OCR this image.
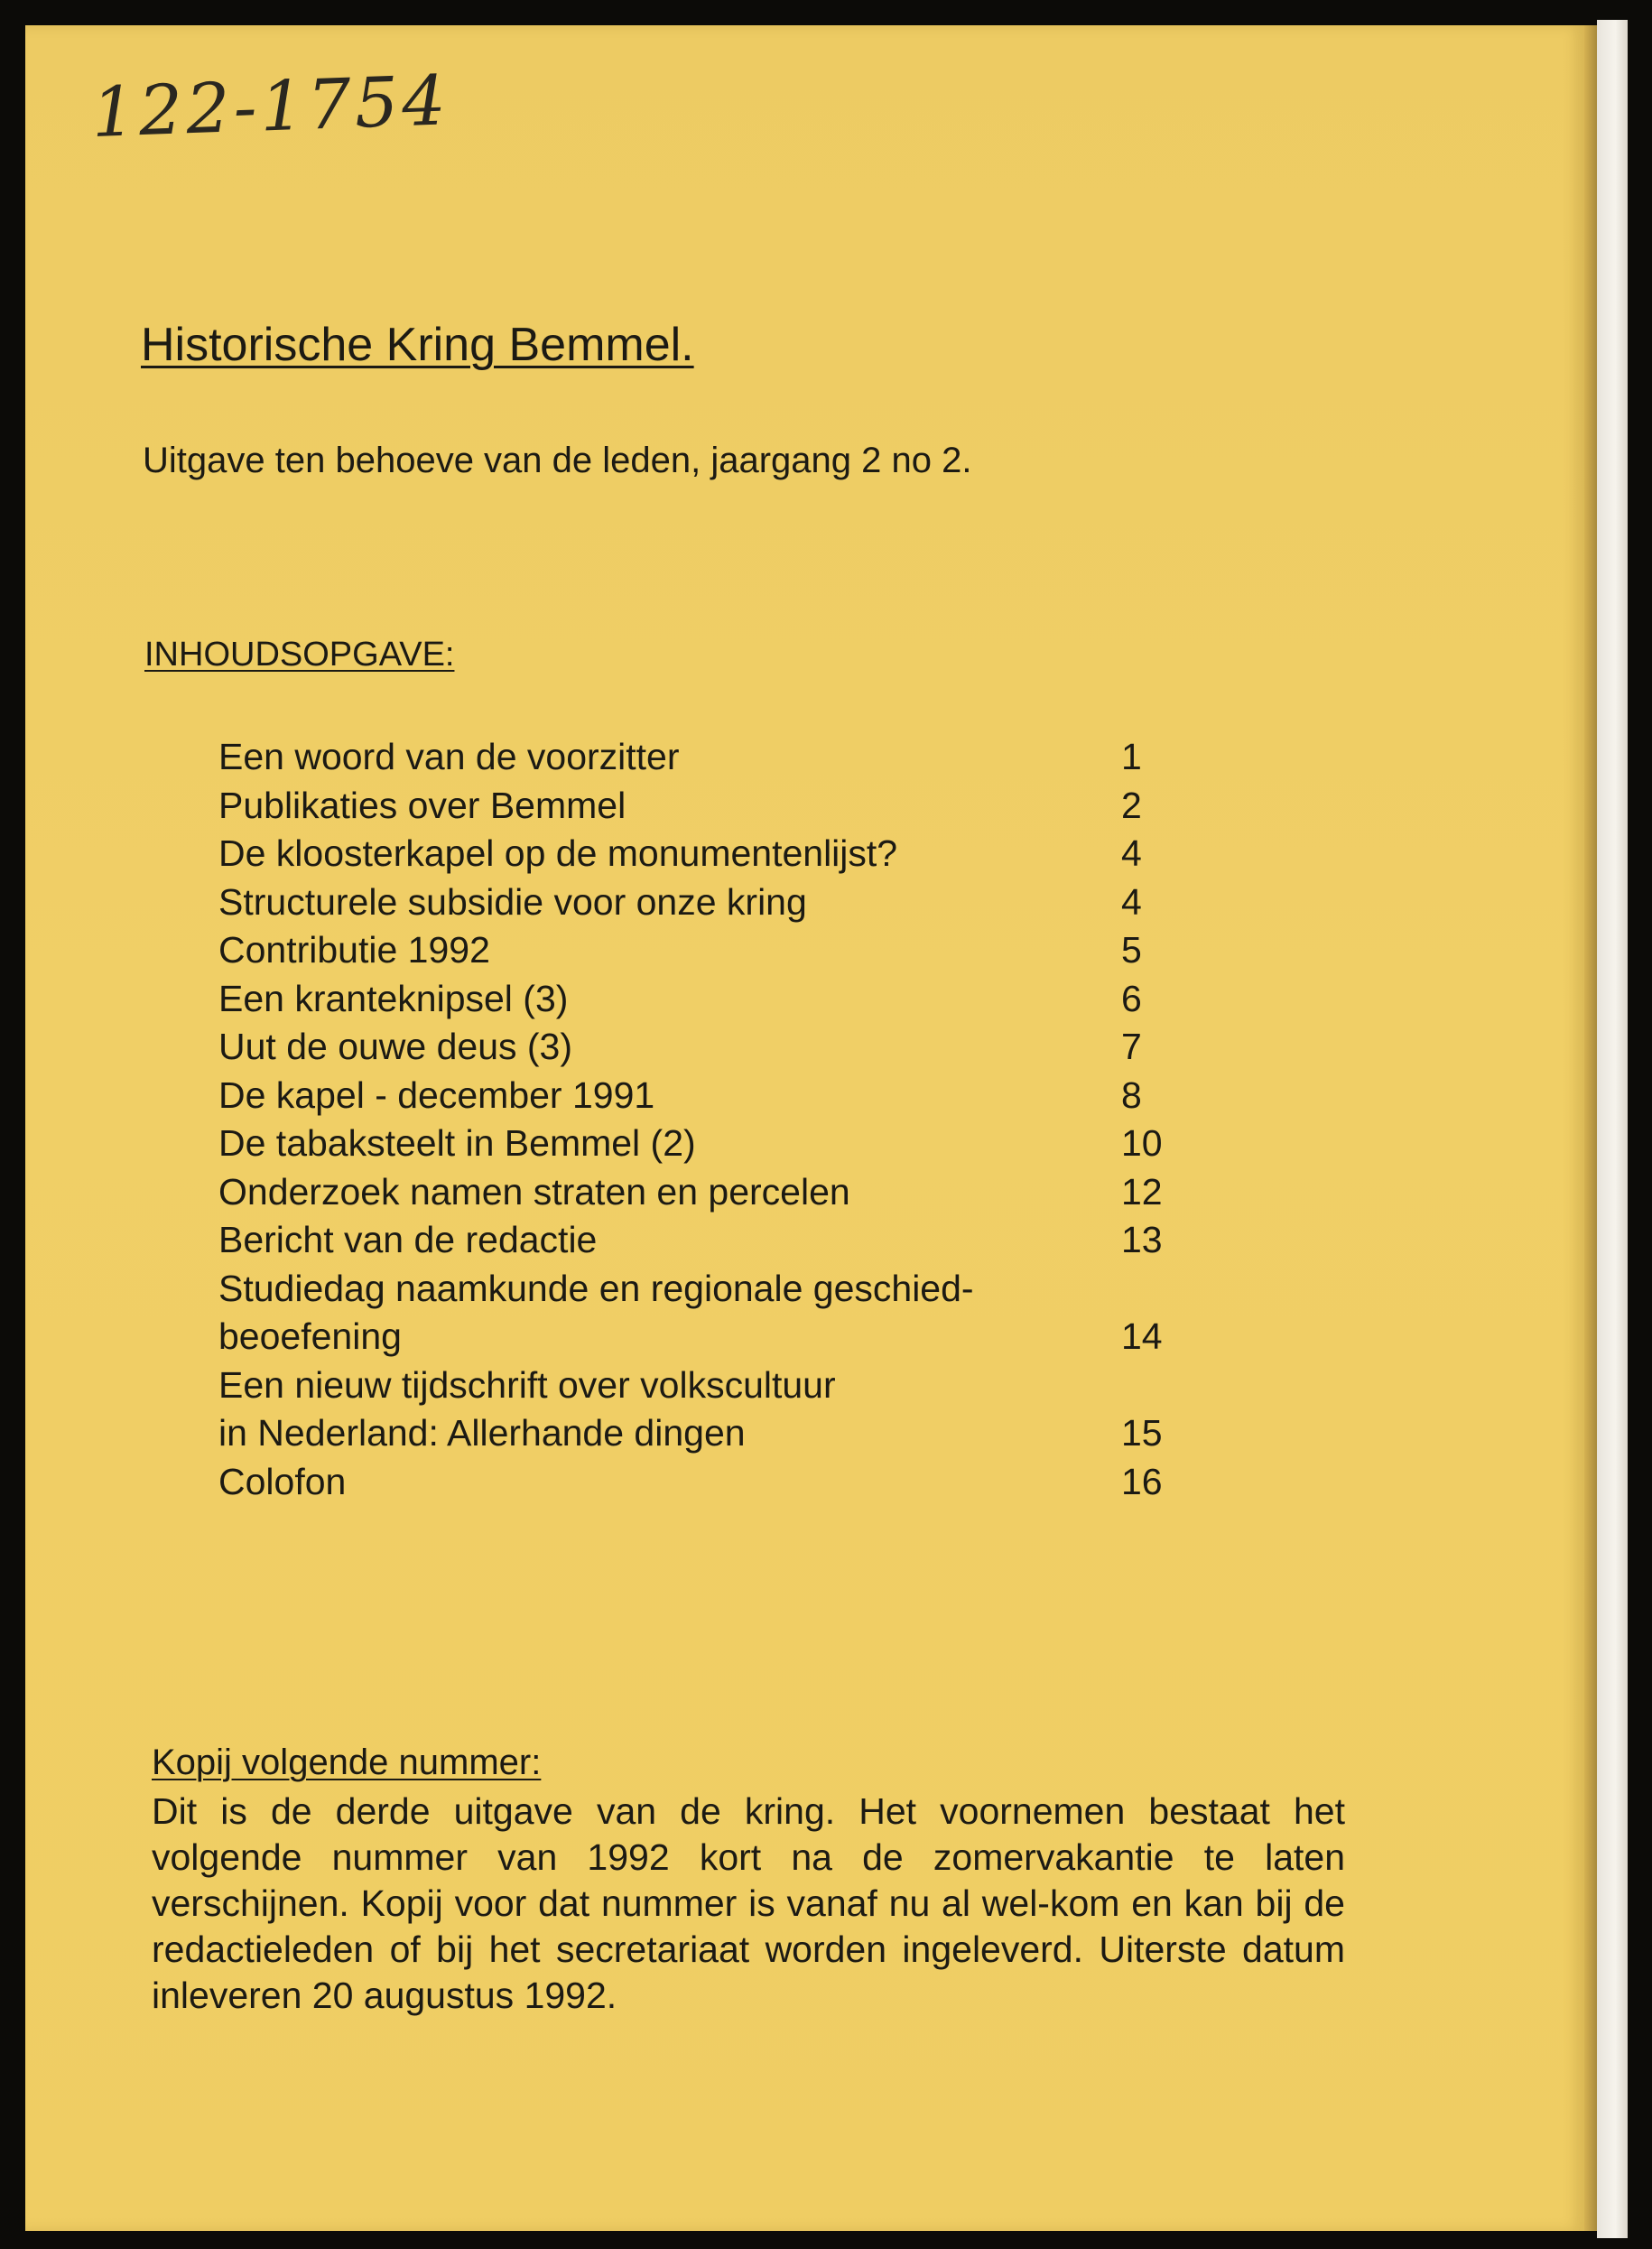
122-1754
Historische Kring Bemmel.
Uitgave ten behoeve van de leden, jaargang 2 no 2.
INHOUDSOPGAVE:
Een woord van de voorzitter	1
Publikaties over Bemmel	2
De kloosterkapel op de monumentenlijst?	4
Structurele subsidie voor onze kring	4
Contributie 1992	5
Een kranteknipsel (3)	6
Uut de ouwe deus (3)	7
De kapel - december 1991	8
De tabaksteelt in Bemmel (2)	10
Onderzoek namen straten en percelen	12
Bericht van de redactie	13
Studiedag naamkunde en regionale geschied-
beoefening	14
Een nieuw tijdschrift over volkscultuur
in Nederland: Allerhande dingen	15
Colofon	16
Kopij volgende nummer:
Dit is de derde uitgave van de kring. Het voornemen bestaat het volgende nummer van 1992 kort na de zomervakantie te laten verschijnen. Kopij voor dat nummer is vanaf nu al wel-kom en kan bij de redactieleden of bij het secretariaat worden ingeleverd. Uiterste datum inleveren 20 augustus 1992.
